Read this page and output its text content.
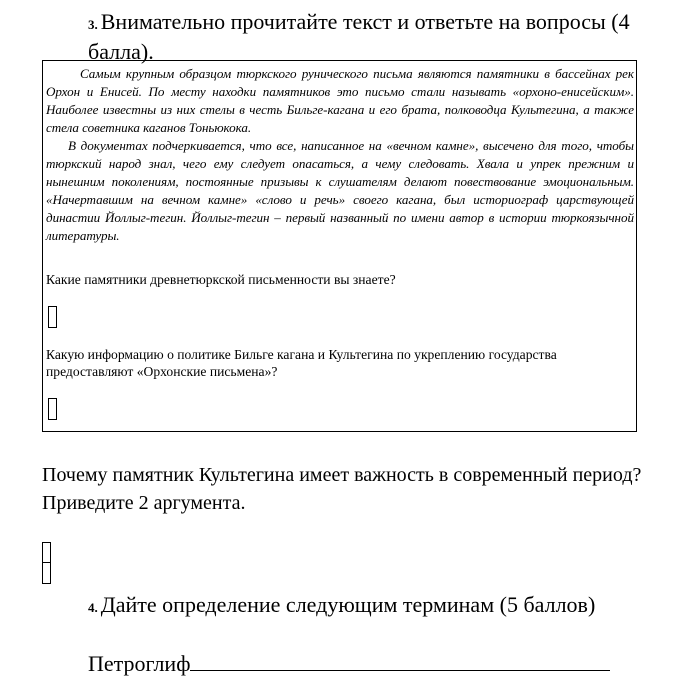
3. Внимательно прочитайте текст и ответьте на вопросы (4 балла).

Самым крупным образцом тюркского рунического письма являются памятники в бассейнах рек Орхон и Енисей. По месту находки памятников это письмо стали называть «орхоно-енисейским». Наиболее известны из них стелы в честь Бильге-кагана и его брата, полководца Культегина, а также стела советника каганов Тоньюкока.

В документах подчеркивается, что все, написанное на «вечном камне», высечено для того, чтобы тюркский народ знал, чего ему следует опасаться, а чему следовать. Хвала и упрек прежним и нынешним поколениям, постоянные призывы к слушателям делают повествование эмоциональным. «Начертавшим на вечном камне» «слово и речь» своего кагана, был историограф царствующей династии Йоллыг-тегин. Йоллыг-тегин – первый названный по имени автор в истории тюркоязычной литературы.

Какие памятники древнетюркской письменности вы знаете?

Какую информацию о политике Бильге кагана и Культегина по укреплению государства предоставляют «Орхонские письмена»?

Почему памятник Культегина имеет важность в современный период? Приведите 2 аргумента.
4. Дайте определение следующим терминам (5 баллов)
Петроглиф
